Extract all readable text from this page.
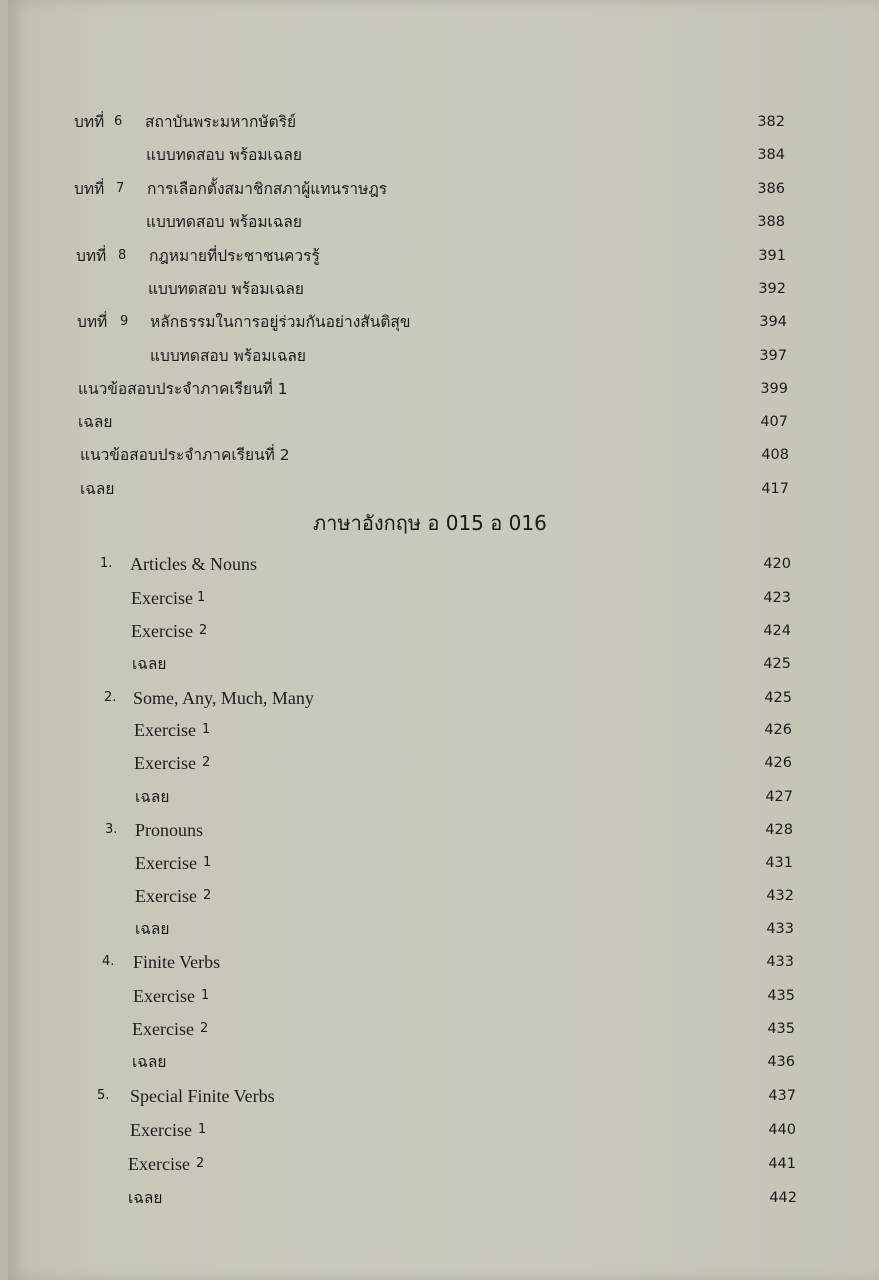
บทที่ 6 สถาบันพระมหากษัตริย์	382
แบบทดสอบ พร้อมเฉลย	384
บทที่ 7 การเลือกตั้งสมาชิกสภาผู้แทนราษฎร	386
แบบทดสอบ พร้อมเฉลย	388
บทที่ 8 กฎหมายที่ประชาชนควรรู้	391
แบบทดสอบ พร้อมเฉลย	392
บทที่ 9 หลักธรรมในการอยู่ร่วมกันอย่างสันติสุข	394
แบบทดสอบ พร้อมเฉลย	397
แนวข้อสอบประจำภาคเรียนที่ 1	399
เฉลย	407
แนวข้อสอบประจำภาคเรียนที่ 2	408
เฉลย	417
ภาษาอังกฤษ อ 015 อ 016
1. Articles & Nouns	420
Exercise 1	423
Exercise 2	424
เฉลย	425
2. Some, Any, Much, Many	425
Exercise 1	426
Exercise 2	426
เฉลย	427
3. Pronouns	428
Exercise 1	431
Exercise 2	432
เฉลย	433
4. Finite Verbs	433
Exercise 1	435
Exercise 2	435
เฉลย	436
5. Special Finite Verbs	437
Exercise 1	440
Exercise 2	441
เฉลย	442
